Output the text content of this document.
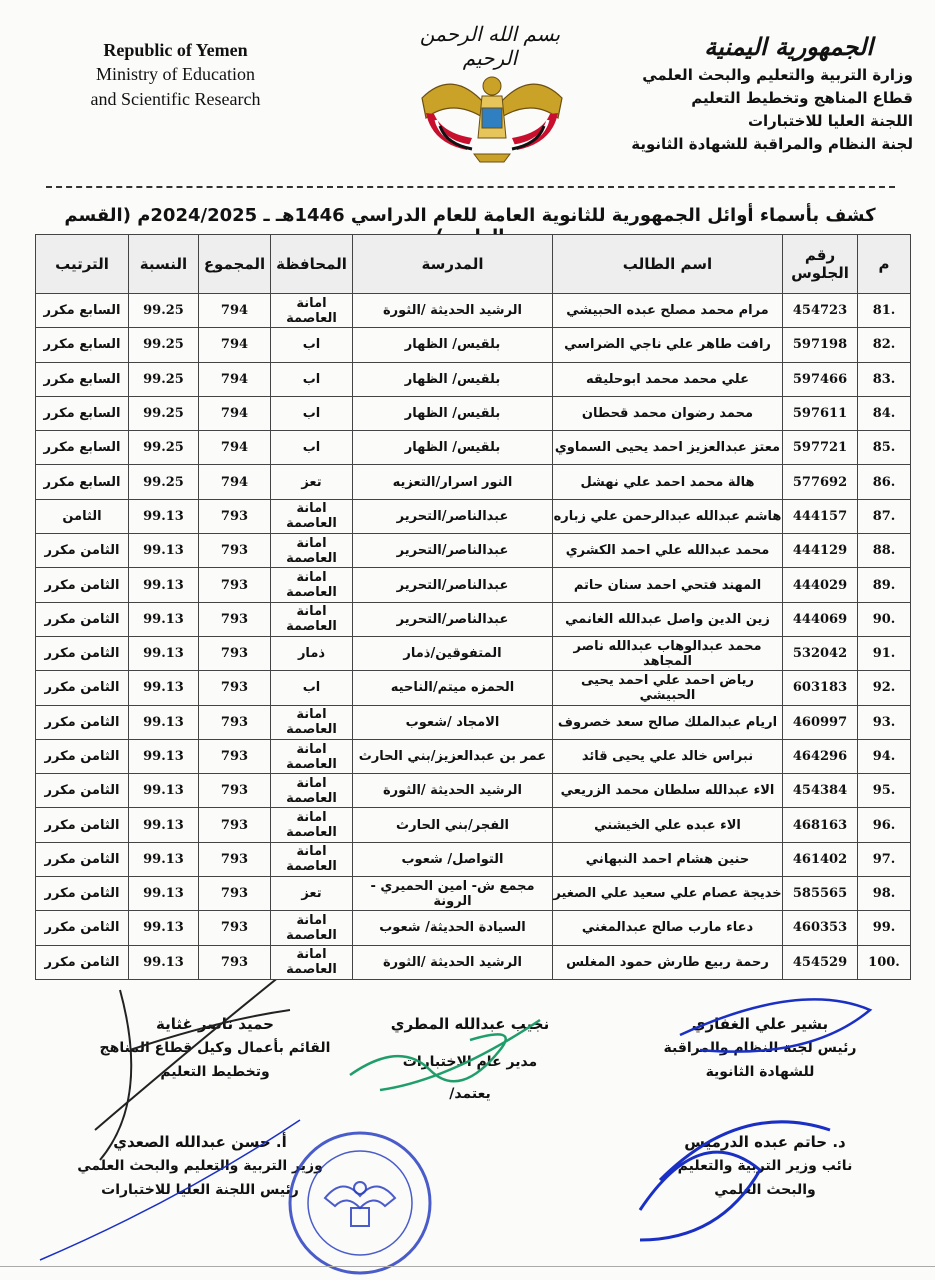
Republic of Yemen
Ministry of Education
and Scientific Research
بسم الله الرحمن الرحيم	الجمهورية اليمنية
وزارة التربية والتعليم والبحث العلمي
قطاع المناهج وتخطيط التعليم
اللجنة العليا للاختبارات
لجنة النظام والمراقبة للشهادة الثانوية
كشف بأسماء أوائل الجمهورية للثانوية العامة للعام الدراسي 1446هـ ـ 2024/2025م (القسم
م	رقم الجلوس	اسم الطالب	المدرسة	المحافظة	المجموع	النسبة	الترتيب
.81	454723	مرام محمد مصلح عبده الحبيشي	الرشيد الحديثة /الثورة	امانة العاصمة	794	99.25	السابع مكرر
.82	597198	رافت طاهر علي ناجي الضراسي	بلقيس/ الظهار	اب	794	99.25	السابع مكرر
.83	597466	علي محمد محمد ابوحليقه	بلقيس/ الظهار	اب	794	99.25	السابع مكرر
.84	597611	محمد رضوان محمد قحطان	بلقيس/ الظهار	اب	794	99.25	السابع مكرر
.85	597721	معتز عبدالعزيز احمد يحيى السماوي	بلقيس/ الظهار	اب	794	99.25	السابع مكرر
.86	577692	هالة محمد احمد علي نهشل	النور اسرار/التعزيه	تعز	794	99.25	السابع مكرر
.87	444157	هاشم عبدالله عبدالرحمن علي زباره	عبدالناصر/التحرير	امانة العاصمة	793	99.13	الثامن
.88	444129	محمد عبدالله علي احمد الكشري	عبدالناصر/التحرير	امانة العاصمة	793	99.13	الثامن مكرر
.89	444029	المهند فتحي احمد سنان حاتم	عبدالناصر/التحرير	امانة العاصمة	793	99.13	الثامن مكرر
.90	444069	زين الدين واصل عبدالله الغانمي	عبدالناصر/التحرير	امانة العاصمة	793	99.13	الثامن مكرر
.91	532042	محمد عبدالوهاب عبدالله ناصر المجاهد	المتفوقين/ذمار	ذمار	793	99.13	الثامن مكرر
.92	603183	رياض احمد علي احمد يحيى الحبيشي	الحمزه ميتم/الناحيه	اب	793	99.13	الثامن مكرر
.93	460997	اريام عبدالملك صالح سعد خصروف	الامجاد /شعوب	امانة العاصمة	793	99.13	الثامن مكرر
.94	464296	نبراس خالد علي يحيى قائد	عمر بن عبدالعزيز/بني الحارث	امانة العاصمة	793	99.13	الثامن مكرر
.95	454384	الاء عبدالله سلطان محمد الزريعي	الرشيد الحديثة /الثورة	امانة العاصمة	793	99.13	الثامن مكرر
.96	468163	الاء عبده علي الخيشني	الفجر/بني الحارث	امانة العاصمة	793	99.13	الثامن مكرر
.97	461402	حنين هشام احمد النبهاني	التواصل/ شعوب	امانة العاصمة	793	99.13	الثامن مكرر
.98	585565	خديجة عصام علي سعيد علي الصغير	مجمع ش- امين الحميري - الرونة	تعز	793	99.13	الثامن مكرر
.99	460353	دعاء مارب صالح عبدالمغني	السيادة الحديثة/ شعوب	امانة العاصمة	793	99.13	الثامن مكرر
.100	454529	رحمة ربيع طارش حمود المغلس	الرشيد الحديثة /الثورة	امانة العاصمة	793	99.13	الثامن مكرر
بشير علي الغفاري
رئيس لجنة النظام والمراقبة
للشهادة الثانوية
نجيب عبدالله المطري
مدير عام الاختبارات
يعتمد/
حميد ناصر غثاية
القائم بأعمال وكيل قطاع المناهج
وتخطيط التعليم
د. حاتم عبده الدرميس
نائب وزير التربية والتعليم
والبحث العلمي
أ. حسن عبدالله الصعدي
وزير التربية والتعليم والبحث العلمي
رئيس اللجنة العليا للاختبارات
